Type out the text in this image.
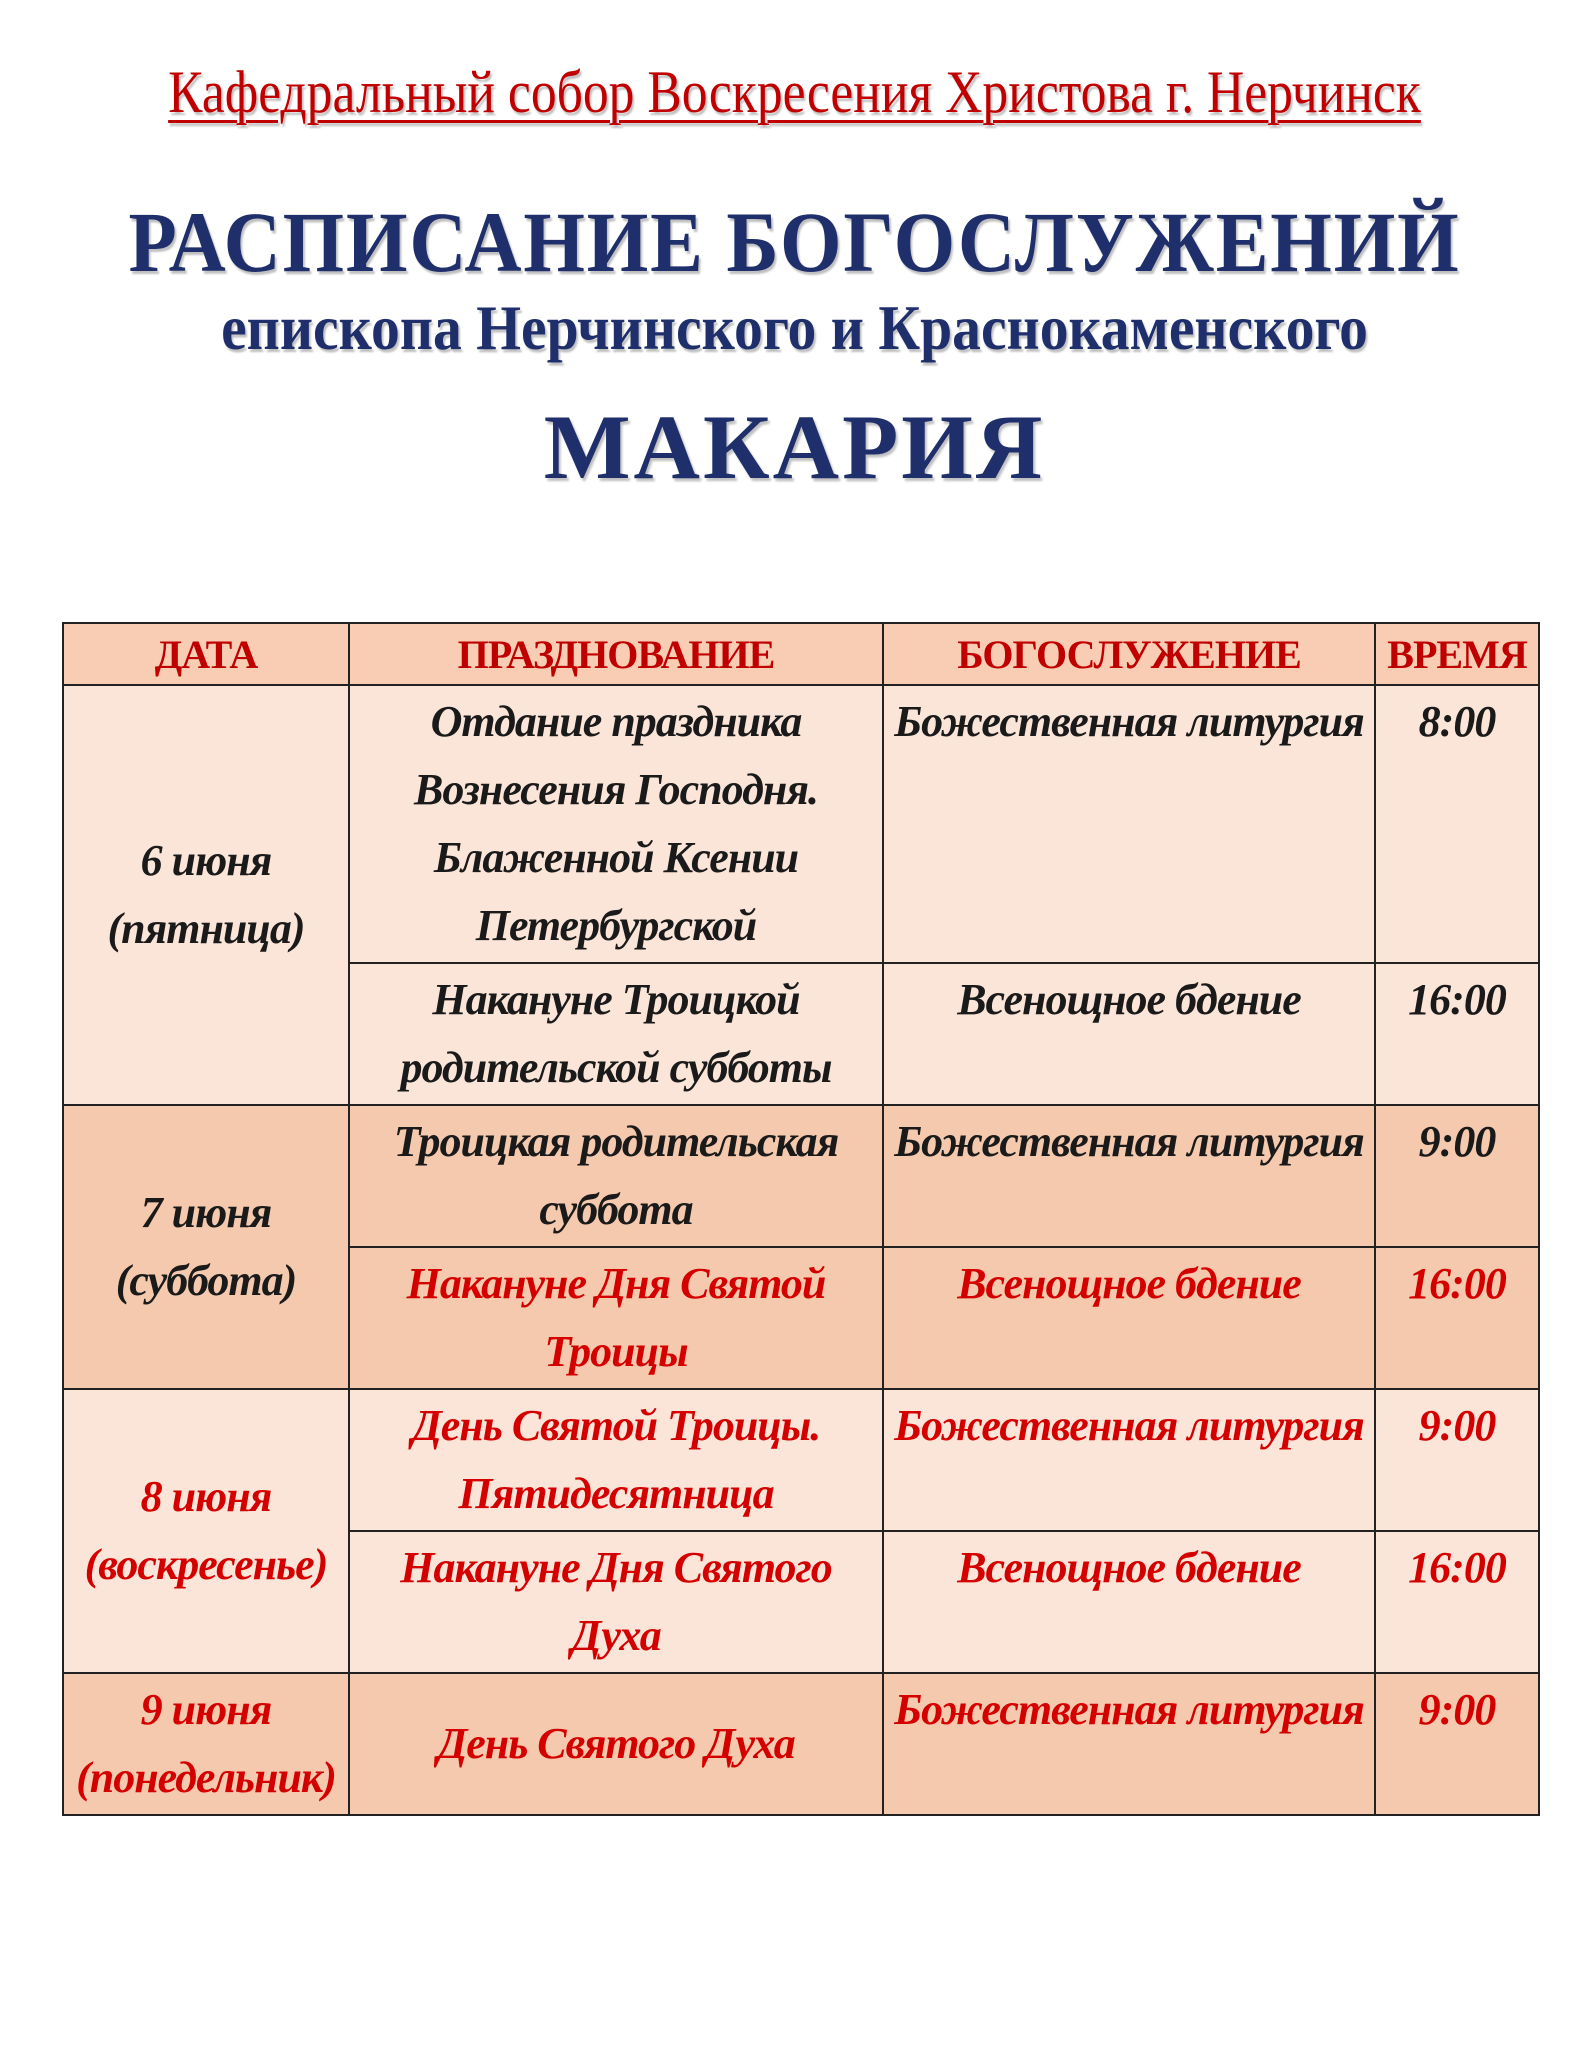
Кафедральный собор Воскресения Христова г. Нерчинск
РАСПИСАНИЕ БОГОСЛУЖЕНИЙ
епископа Нерчинского и Краснокаменского
МАКАРИЯ
ДАТА	ПРАЗДНОВАНИЕ	БОГОСЛУЖЕНИЕ	ВРЕМЯ

6 июня
(пятница)	Отдание праздника Вознесения Господня. Блаженной Ксении Петербургской	Божественная литургия	8:00
	Накануне Троицкой родительской субботы	Всенощное бдение	16:00

7 июня
(суббота)	Троицкая родительская суббота	Божественная литургия	9:00
	Накануне Дня Святой Троицы	Всенощное бдение	16:00

8 июня
(воскресенье)	День Святой Троицы. Пятидесятница	Божественная литургия	9:00
	Накануне Дня Святого Духа	Всенощное бдение	16:00

9 июня
(понедельник)	День Святого Духа	Божественная литургия	9:00
